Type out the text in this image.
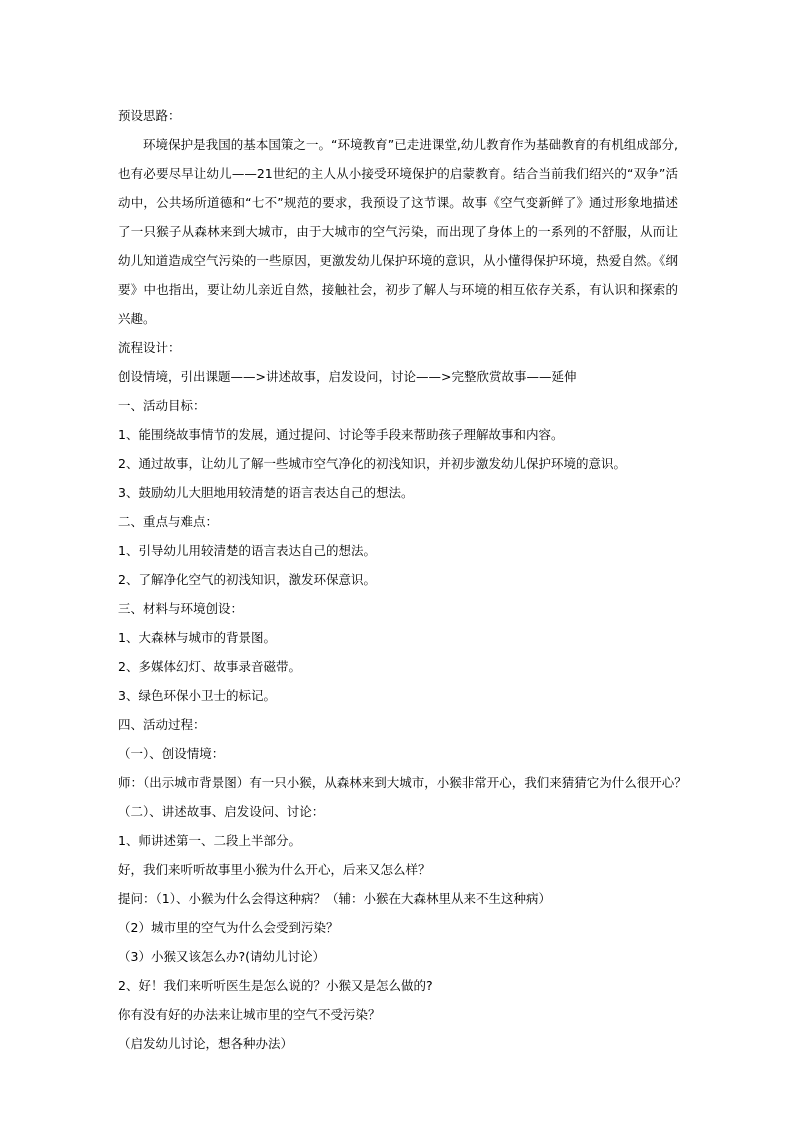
预设思路：

环境保护是我国的基本国策之一。“环境教育”已走进课堂,幼儿教育作为基础教育的有机组成部分,也有必要尽早让幼儿——21世纪的主人从小接受环境保护的启蒙教育。结合当前我们绍兴的“双争”活动中，公共场所道德和“七不”规范的要求，我预设了这节课。故事《空气变新鲜了》通过形象地描述了一只猴子从森林来到大城市，由于大城市的空气污染，而出现了身体上的一系列的不舒服，从而让幼儿知道造成空气污染的一些原因，更激发幼儿保护环境的意识，从小懂得保护环境，热爱自然。《纲要》中也指出，要让幼儿亲近自然，接触社会，初步了解人与环境的相互依存关系，有认识和探索的兴趣。

流程设计：

创设情境，引出课题——>讲述故事，启发设问，讨论——>完整欣赏故事——延伸

一、活动目标：

1、能围绕故事情节的发展，通过提问、讨论等手段来帮助孩子理解故事和内容。

2、通过故事，让幼儿了解一些城市空气净化的初浅知识，并初步激发幼儿保护环境的意识。

3、鼓励幼儿大胆地用较清楚的语言表达自己的想法。

二、重点与难点：

1、引导幼儿用较清楚的语言表达自己的想法。

2、了解净化空气的初浅知识，激发环保意识。

三、材料与环境创设：

1、大森林与城市的背景图。

2、多媒体幻灯、故事录音磁带。

3、绿色环保小卫士的标记。

四、活动过程：

（一）、创设情境：

师：（出示城市背景图）有一只小猴，从森林来到大城市，小猴非常开心，我们来猜猜它为什么很开心？

（二）、讲述故事、启发设问、讨论：

1、师讲述第一、二段上半部分。

好，我们来听听故事里小猴为什么开心，后来又怎么样？

提问：（1）、小猴为什么会得这种病？（辅：小猴在大森林里从来不生这种病）

（2）城市里的空气为什么会受到污染？

（3）小猴又该怎么办?(请幼儿讨论）

2、好！我们来听听医生是怎么说的？小猴又是怎么做的?

你有没有好的办法来让城市里的空气不受污染？

（启发幼儿讨论，想各种办法）
